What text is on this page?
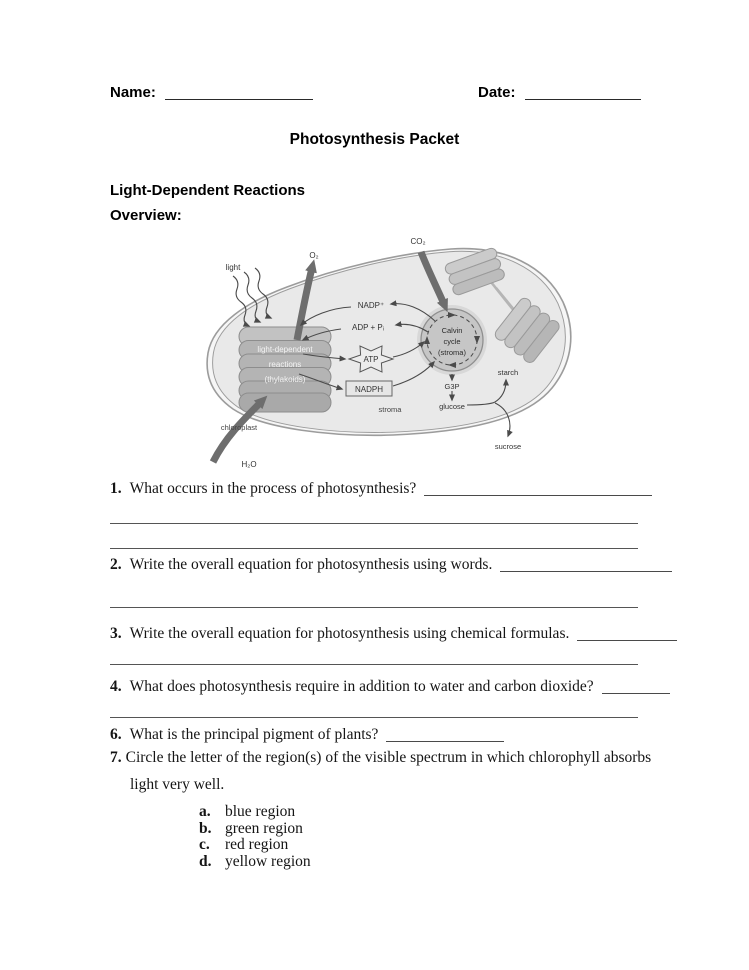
Name:	Date:
Photosynthesis Packet
Light-Dependent Reactions
Overview:
light
O₂
CO₂
NADP⁺
ADP + Pᵢ
ATP
NADPH
light-dependent
reactions
(thylakoids)
Calvin
cycle
(stroma)
G3P
glucose
starch
sucrose
stroma
chloroplast
H₂O
1. What occurs in the process of photosynthesis?
2. Write the overall equation for photosynthesis using words.
3. Write the overall equation for photosynthesis using chemical formulas.
4. What does photosynthesis require in addition to water and carbon dioxide?
6. What is the principal pigment of plants?
7. Circle the letter of the region(s) of the visible spectrum in which chlorophyll absorbs
light very well.
a. blue region
b. green region
c. red region
d. yellow region
